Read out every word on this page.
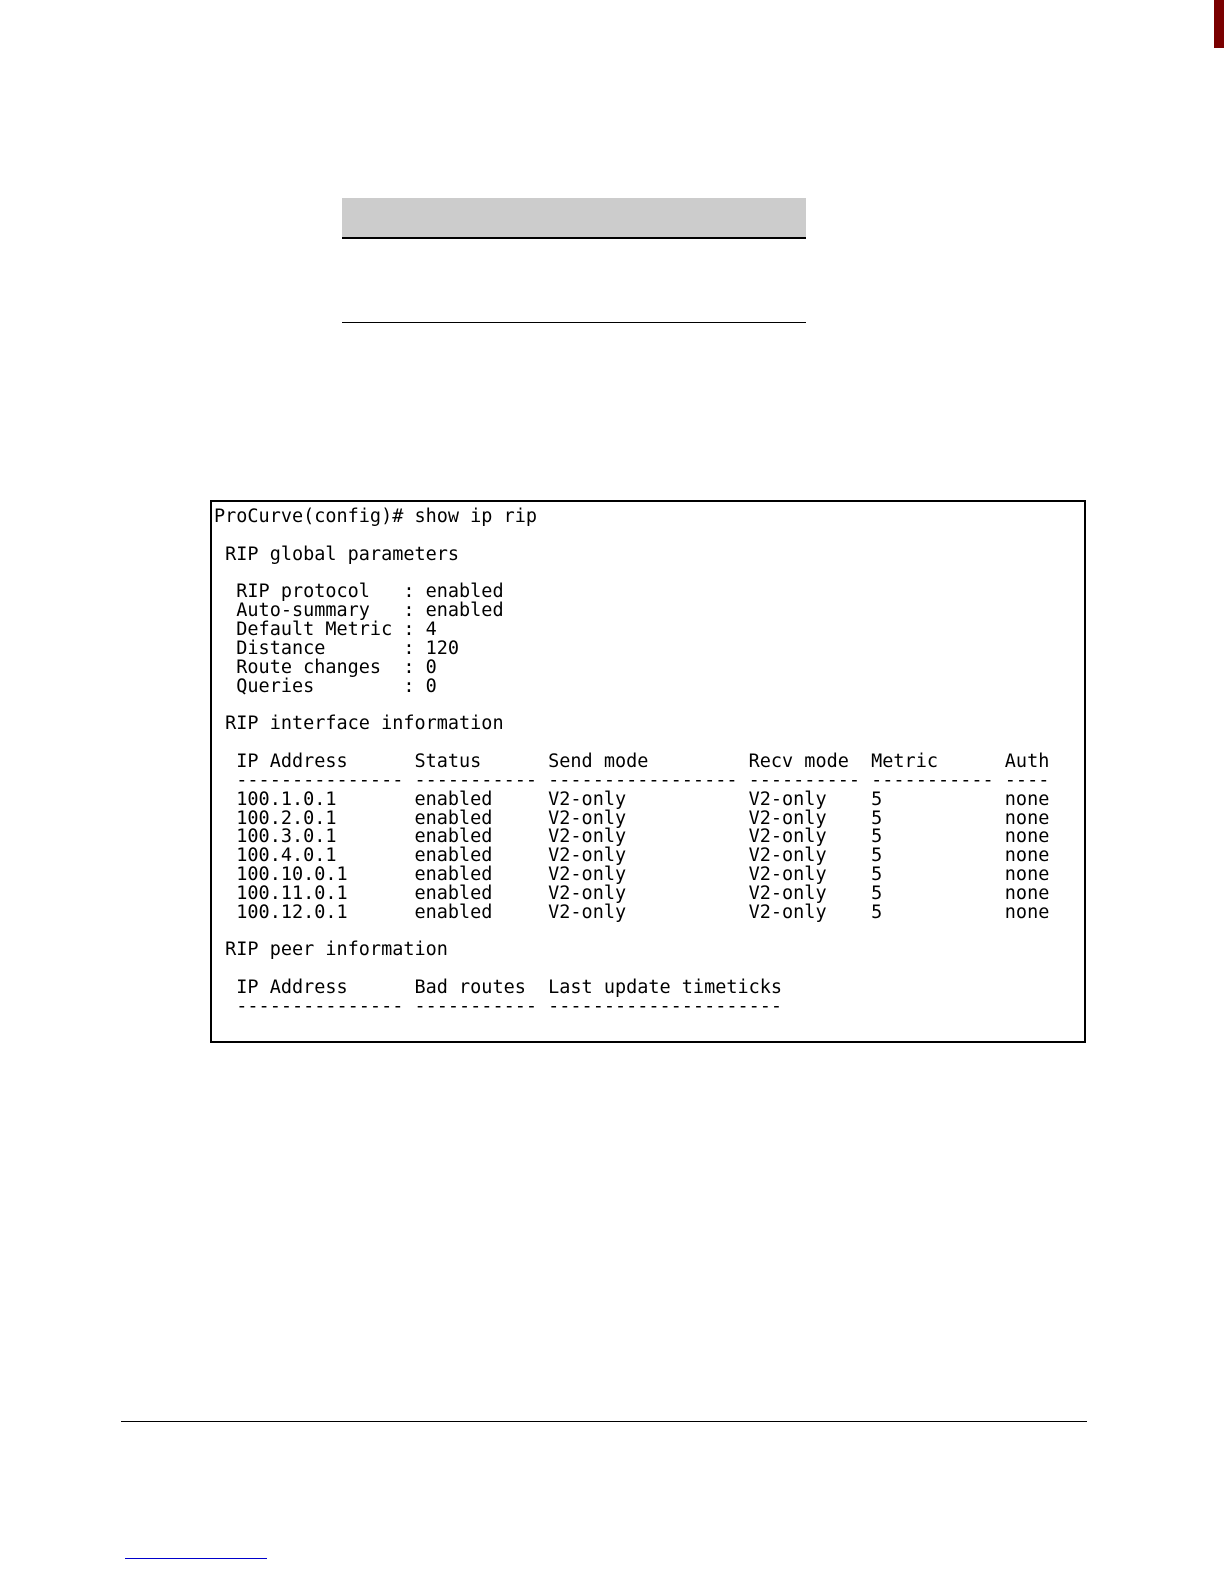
ProCurve(config)# show ip rip

RIP global parameters

RIP protocol   : enabled
Auto-summary   : enabled
Default Metric : 4
Distance       : 120
Route changes  : 0
Queries        : 0

RIP interface information

IP Address      Status      Send mode         Recv mode  Metric      Auth
--------------- ----------- ----------------- ---------- ----------- ----
100.1.0.1       enabled     V2-only           V2-only    5           none
100.2.0.1       enabled     V2-only           V2-only    5           none
100.3.0.1       enabled     V2-only           V2-only    5           none
100.4.0.1       enabled     V2-only           V2-only    5           none
100.10.0.1      enabled     V2-only           V2-only    5           none
100.11.0.1      enabled     V2-only           V2-only    5           none
100.12.0.1      enabled     V2-only           V2-only    5           none

RIP peer information

IP Address      Bad routes  Last update timeticks
--------------- ----------- ---------------------
